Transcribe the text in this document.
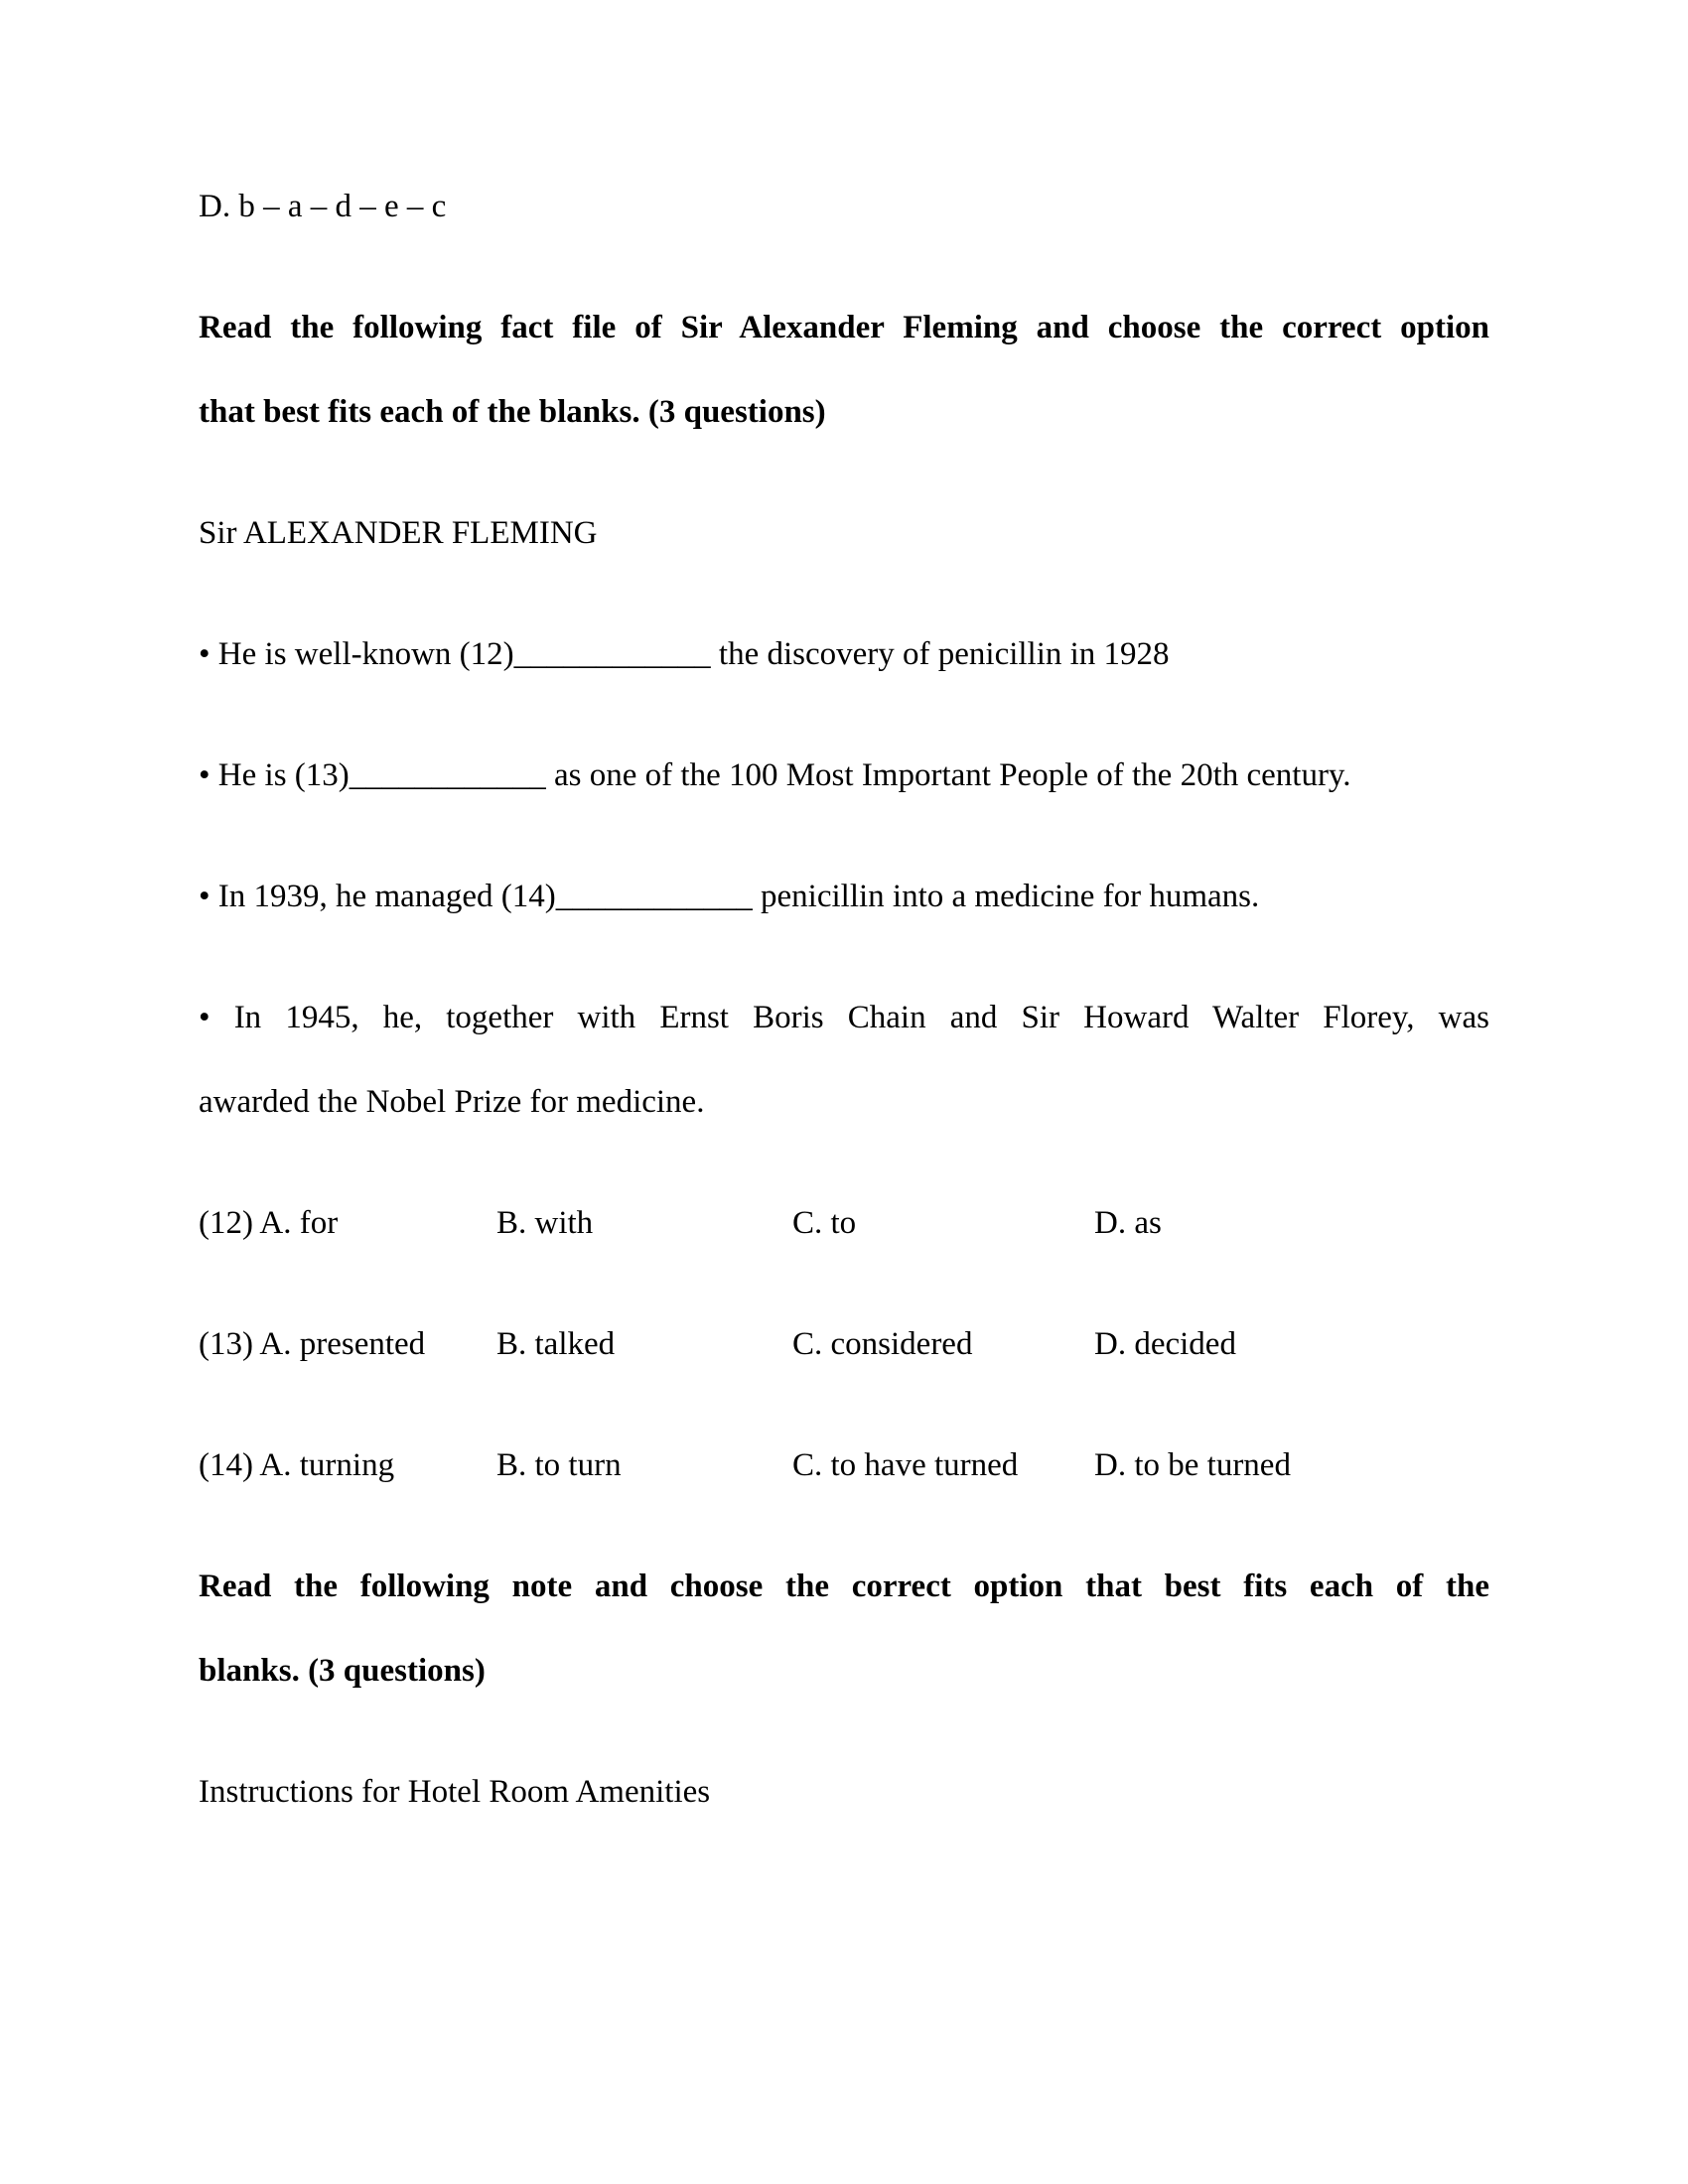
D. b – a – d – e – c

Read the following fact file of Sir Alexander Fleming and choose the correct option
that best fits each of the blanks. (3 questions)

Sir ALEXANDER FLEMING

• He is well-known (12)____________ the discovery of penicillin in 1928

• He is (13)____________ as one of the 100 Most Important People of the 20th century.

• In 1939, he managed (14)____________ penicillin into a medicine for humans.

• In 1945, he, together with Ernst Boris Chain and Sir Howard Walter Florey, was
awarded the Nobel Prize for medicine.
(12) A. for	B. with	C. to	D. as
(13) A. presented	B. talked	C. considered	D. decided
(14) A. turning	B. to turn	C. to have turned	D. to be turned
Read the following note and choose the correct option that best fits each of the
blanks. (3 questions)

Instructions for Hotel Room Amenities
